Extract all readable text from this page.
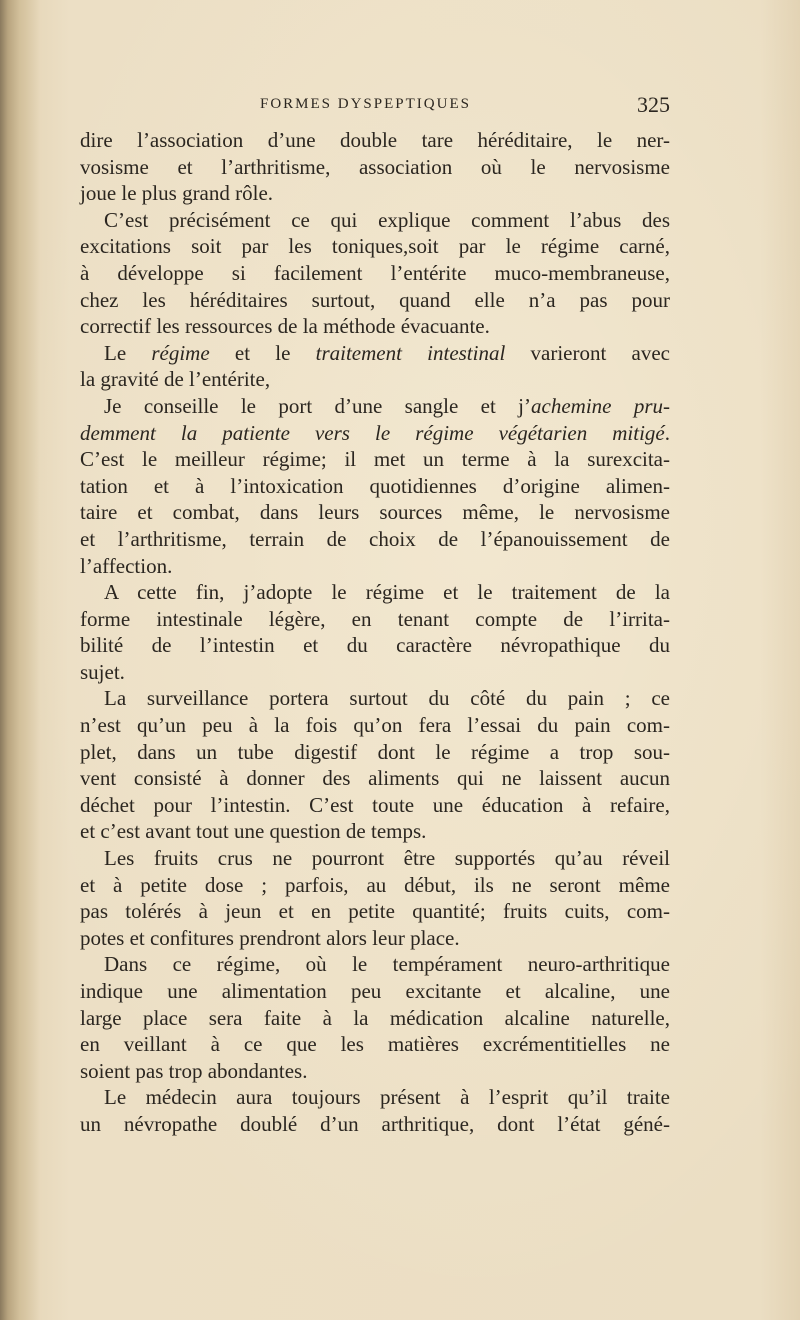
FORMES DYSPEPTIQUES	325
dire l’association d’une double tare héréditaire, le ner-
vosisme et l’arthritisme, association où le nervosisme
joue le plus grand rôle.
C’est précisément ce qui explique comment l’abus des
excitations soit par les toniques,soit par le régime carné,
à développe si facilement l’entérite muco-membraneuse,
chez les héréditaires surtout, quand elle n’a pas pour
correctif les ressources de la méthode évacuante.
Le régime et le traitement intestinal varieront avec
la gravité de l’entérite,
Je conseille le port d’une sangle et j’achemine pru-
demment la patiente vers le régime végétarien mitigé.
C’est le meilleur régime; il met un terme à la surexcita-
tation et à l’intoxication quotidiennes d’origine alimen-
taire et combat, dans leurs sources même, le nervosisme
et l’arthritisme, terrain de choix de l’épanouissement de
l’affection.
A cette fin, j’adopte le régime et le traitement de la
forme intestinale légère, en tenant compte de l’irrita-
bilité de l’intestin et du caractère névropathique du
sujet.
La surveillance portera surtout du côté du pain ; ce
n’est qu’un peu à la fois qu’on fera l’essai du pain com-
plet, dans un tube digestif dont le régime a trop sou-
vent consisté à donner des aliments qui ne laissent aucun
déchet pour l’intestin. C’est toute une éducation à refaire,
et c’est avant tout une question de temps.
Les fruits crus ne pourront être supportés qu’au réveil
et à petite dose ; parfois, au début, ils ne seront même
pas tolérés à jeun et en petite quantité; fruits cuits, com-
potes et confitures prendront alors leur place.
Dans ce régime, où le tempérament neuro-arthritique
indique une alimentation peu excitante et alcaline, une
large place sera faite à la médication alcaline naturelle,
en veillant à ce que les matières excrémentitielles ne
soient pas trop abondantes.
Le médecin aura toujours présent à l’esprit qu’il traite
un névropathe doublé d’un arthritique, dont l’état géné-
